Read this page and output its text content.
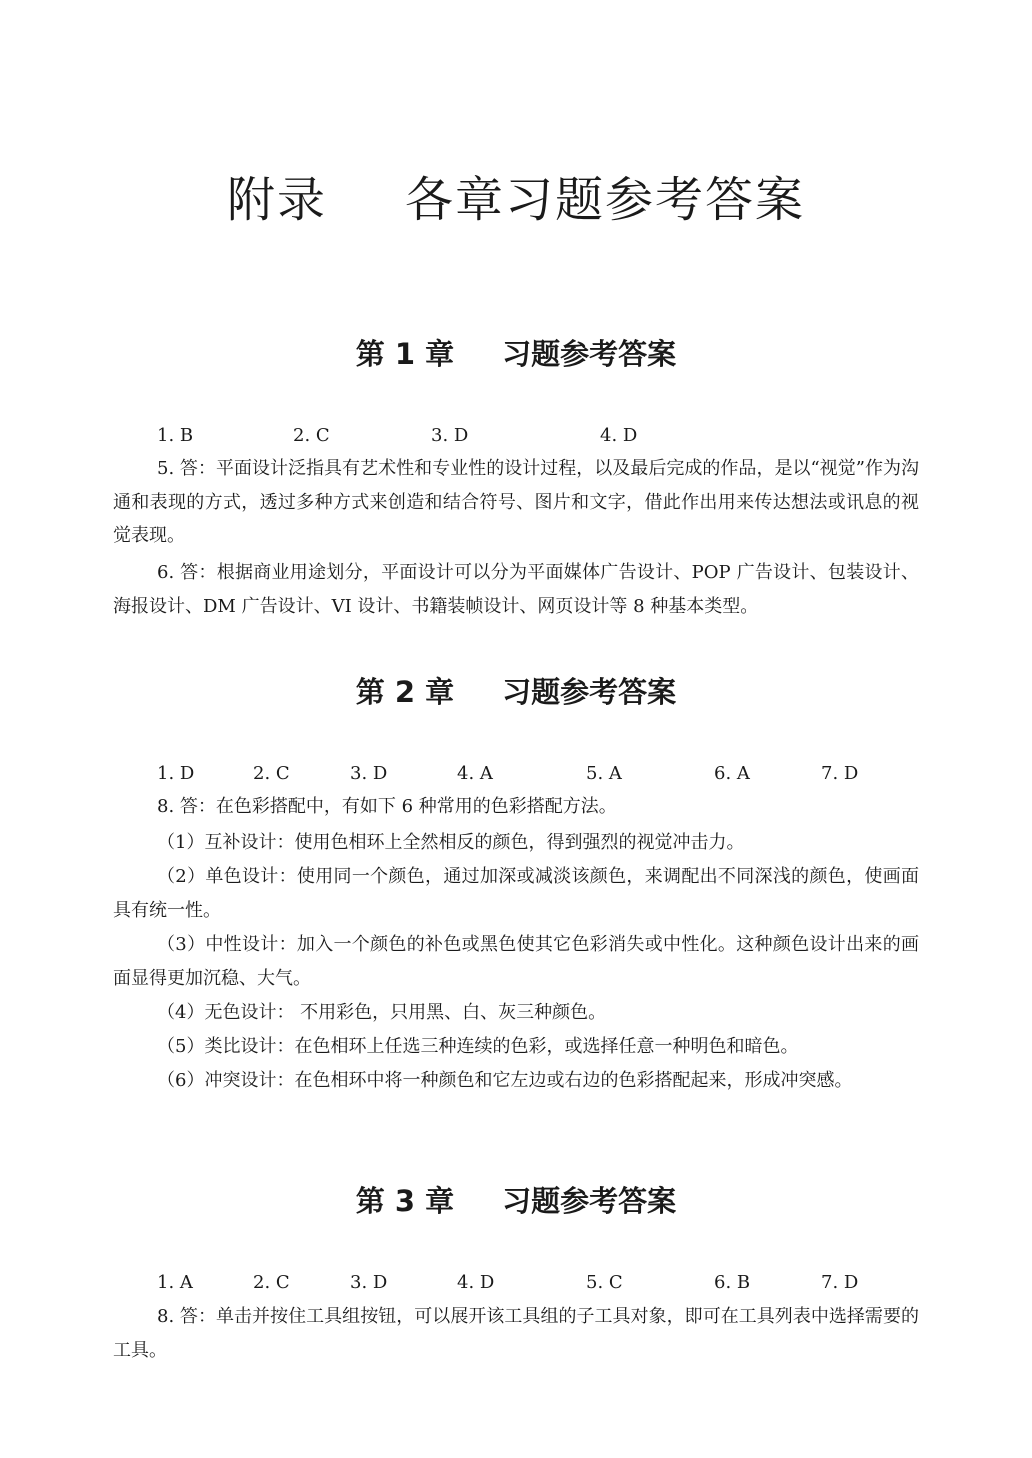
附录 各章习题参考答案
第 1 章 习题参考答案
1. B	2. C	3. D	4. D

5. 答：平面设计泛指具有艺术性和专业性的设计过程，以及最后完成的作品，是以“视觉”作为沟通和表现的方式，透过多种方式来创造和结合符号、图片和文字，借此作出用来传达想法或讯息的视觉表现。

6. 答：根据商业用途划分，平面设计可以分为平面媒体广告设计、POP 广告设计、包装设计、海报设计、DM 广告设计、VI 设计、书籍装帧设计、网页设计等 8 种基本类型。

第 2 章 习题参考答案
1. D	2. C	3. D	4. A	5. A	6. A	7. D

8. 答：在色彩搭配中，有如下 6 种常用的色彩搭配方法。

（1）互补设计：使用色相环上全然相反的颜色，得到强烈的视觉冲击力。

（2）单色设计：使用同一个颜色，通过加深或减淡该颜色，来调配出不同深浅的颜色，使画面具有统一性。

（3）中性设计：加入一个颜色的补色或黑色使其它色彩消失或中性化。这种颜色设计出来的画面显得更加沉稳、大气。

（4）无色设计： 不用彩色，只用黑、白、灰三种颜色。

（5）类比设计：在色相环上任选三种连续的色彩，或选择任意一种明色和暗色。

（6）冲突设计：在色相环中将一种颜色和它左边或右边的色彩搭配起来，形成冲突感。

第 3 章 习题参考答案
1. A	2. C	3. D	4. D	5. C	6. B	7. D

8. 答：单击并按住工具组按钮，可以展开该工具组的子工具对象，即可在工具列表中选择需要的工具。
